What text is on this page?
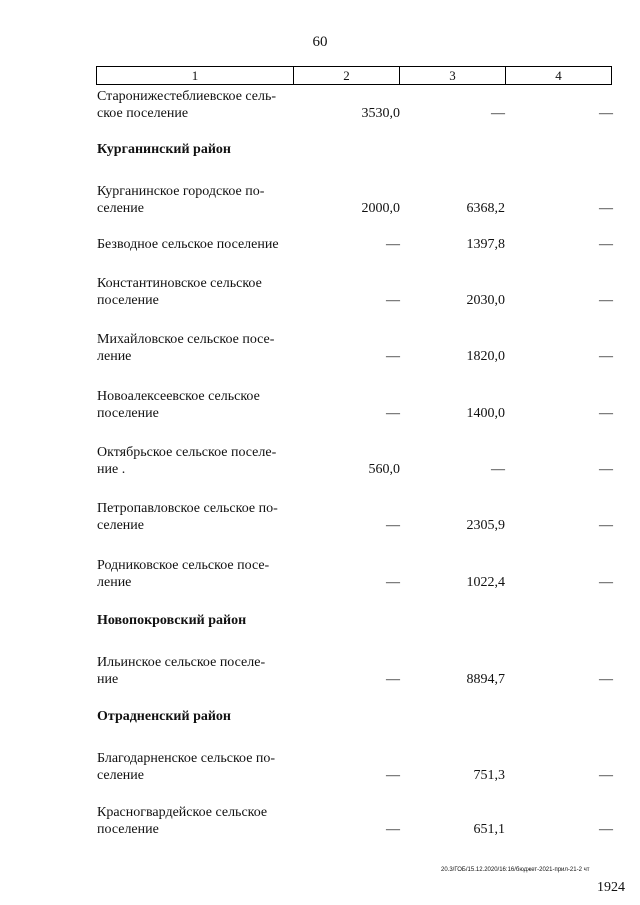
60
1	2	3	4
Старонижестеблиевское сель-
ское поселение	3530,0	—	—
Курганинский район
Курганинское городское по-
селение	2000,0	6368,2	—
Безводное сельское поселение	—	1397,8	—
Константиновское сельское
поселение	—	2030,0	—
Михайловское сельское посе-
ление	—	1820,0	—
Новоалексеевское сельское
поселение	—	1400,0	—
Октябрьское сельское поселе-
ние .	560,0	—	—
Петропавловское сельское по-
селение	—	2305,9	—
Родниковское сельское посе-
ление	—	1022,4	—
Новопокровский район
Ильинское сельское поселе-
ние	—	8894,7	—
Отрадненский район
Благодарненское сельское по-
селение	—	751,3	—
Красногвардейское сельское
поселение	—	651,1	—
20.3/ГОБ/15.12.2020/16:16/бюджет-2021-прил-21-2 чт
1924
